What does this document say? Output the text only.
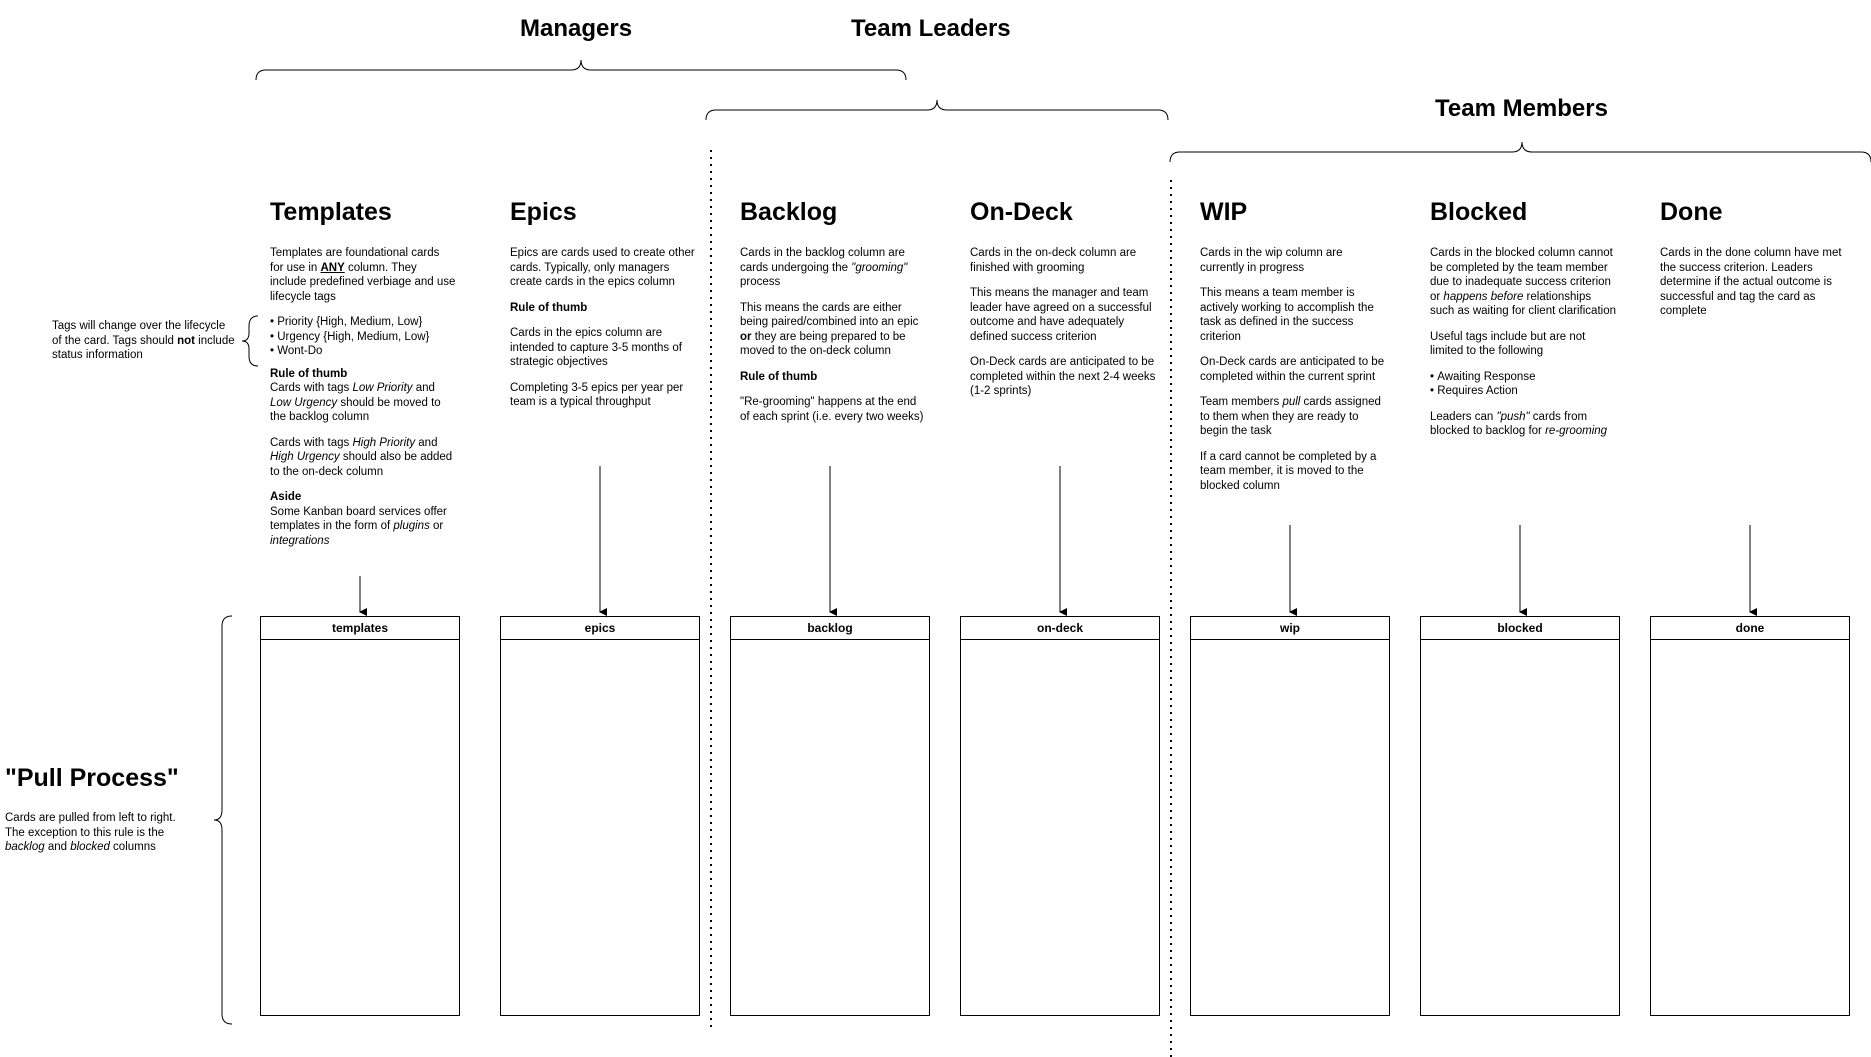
Managers	Team Leaders
Team Members
Templates	Epics	Backlog	On-Deck	WIP	Blocked	Done

Templates are foundational cards for use in ANY column. They include predefined verbiage and use lifecycle tags

• Priority {High, Medium, Low}
• Urgency {High, Medium, Low}
• Wont-Do
Rule of thumb

Cards with tags Low Priority and Low Urgency should be moved to the backlog column

Cards with tags High Priority and High Urgency should also be added to the on-deck column

Aside

Some Kanban board services offer templates in the form of plugins or integrations

Epics are cards used to create other cards. Typically, only managers create cards in the epics column

Rule of thumb

Cards in the epics column are intended to capture 3-5 months of strategic objectives

Completing 3-5 epics per year per team is a typical throughput

Cards in the backlog column are cards undergoing the "grooming" process

This means the cards are either being paired/combined into an epic or they are being prepared to be moved to the on-deck column

Rule of thumb

"Re-grooming" happens at the end of each sprint (i.e. every two weeks)

Cards in the on-deck column are finished with grooming

This means the manager and team leader have agreed on a successful outcome and have adequately defined success criterion

On-Deck cards are anticipated to be completed within the next 2-4 weeks (1-2 sprints)

Cards in the wip column are currently in progress

This means a team member is actively working to accomplish the task as defined in the success criterion

On-Deck cards are anticipated to be completed within the current sprint

Team members pull cards assigned to them when they are ready to begin the task

If a card cannot be completed by a team member, it is moved to the blocked column

Cards in the blocked column cannot be completed by the team member due to inadequate success criterion or happens before relationships such as waiting for client clarification

Useful tags include but are not limited to the following

• Awaiting Response
• Requires Action

Leaders can "push" cards from blocked to backlog for re-grooming

Cards in the done column have met the success criterion. Leaders determine if the actual outcome is successful and tag the card as complete

Tags will change over the lifecycle of the card. Tags should not include status information
"Pull Process"
Cards are pulled from left to right. The exception to this rule is the backlog and blocked columns
templates	epics	backlog	on-deck	wip	blocked	done
